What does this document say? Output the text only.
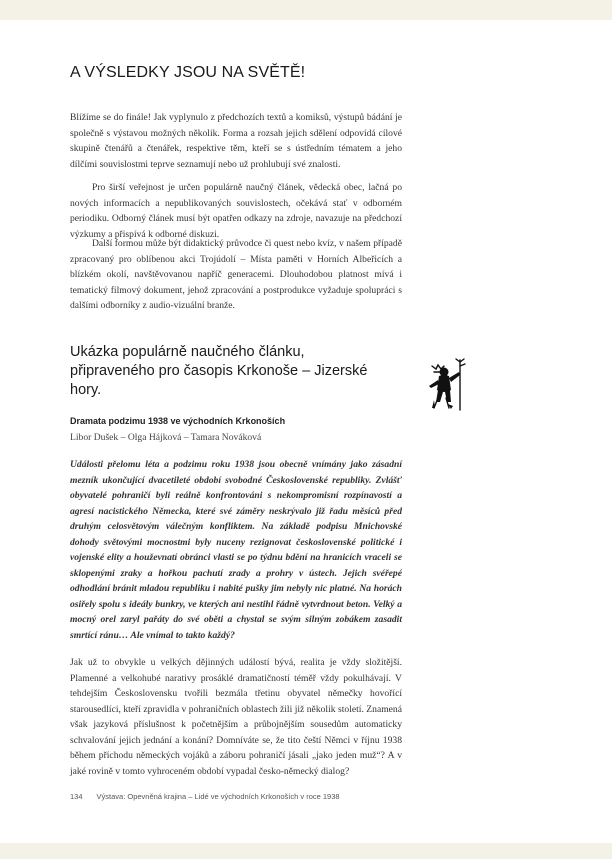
A VÝSLEDKY JSOU NA SVĚTĚ!

Blížíme se do finále! Jak vyplynulo z předchozích textů a komiksů, výstupů bádání je společně s výstavou možných několik. Forma a rozsah jejich sdělení odpovídá cílové skupině čtenářů a čtenářek, respektive těm, kteří se s ústředním tématem a jeho dílčími souvislostmi teprve seznamují nebo už prohlubují své znalosti.

Pro širší veřejnost je určen populárně naučný článek, vědecká obec, lačná po nových informacích a nepublikovaných souvislostech, očekává stať v odborném periodiku. Odborný článek musí být opatřen odkazy na zdroje, navazuje na předchozí výzkumy a přispívá k odborné diskuzi.

Další formou může být didaktický průvodce či quest nebo kvíz, v našem případě zpracovaný pro oblíbenou akci Trojúdolí – Místa paměti v Horních Albeřicích a blízkém okolí, navštěvovanou napříč generacemi. Dlouhodobou platnost mívá i tematický filmový dokument, jehož zpracování a postprodukce vyžaduje spolupráci s dalšími odborníky z audio-vizuální branže.

Ukázka populárně naučného článku, připraveného pro časopis Krkonoše – Jizerské hory.

Dramata podzimu 1938 ve východních Krkonoších

Libor Dušek – Olga Hájková – Tamara Nováková

Události přelomu léta a podzimu roku 1938 jsou obecně vnímány jako zásadní mezník ukončující dvacetileté období svobodné Československé republiky. Zvlášť obyvatelé pohraničí byli reálně konfrontováni s nekompromisní rozpínavostí a agresí nacistického Německa, které své záměry neskrývalo již řadu měsíců před druhým celosvětovým válečným konfliktem. Na základě podpisu Mnichovské dohody světovými mocnostmi byly nuceny rezignovat československé politické i vojenské elity a houževnatí obránci vlasti se po týdnu bdění na hranicích vraceli se sklopenými zraky a hořkou pachutí zrady a prohry v ústech. Jejich svéřepé odhodlání bránit mladou republiku i nabité pušky jim nebyly nic platné. Na horách osiřely spolu s ideály bunkry, ve kterých ani nestihl řádně vytvrdnout beton. Velký a mocný orel zaryl pařáty do své oběti a chystal se svým silným zobákem zasadit smrtící ránu… Ale vnímal to takto každý?

Jak už to obvykle u velkých dějinných událostí bývá, realita je vždy složitější. Plamenné a velkohubé narativy prosáklé dramatičností téměř vždy pokulhávají. V tehdejším Československu tvořili bezmála třetinu obyvatel němečky hovořící starousedlíci, kteří zpravidla v pohraničních oblastech žili již několik století. Znamená však jazyková příslušnost k početnějším a průbojnějším sousedům automaticky schvalování jejich jednání a konání? Domníváte se, že tito čeští Němci v říjnu 1938 během příchodu německých vojáků a záboru pohraničí jásali „jako jeden muž“? A v jaké rovině v tomto vyhroceném období vypadal česko-německý dialog?

134 Výstava: Opevněná krajina – Lidé ve východních Krkonoších v roce 1938
